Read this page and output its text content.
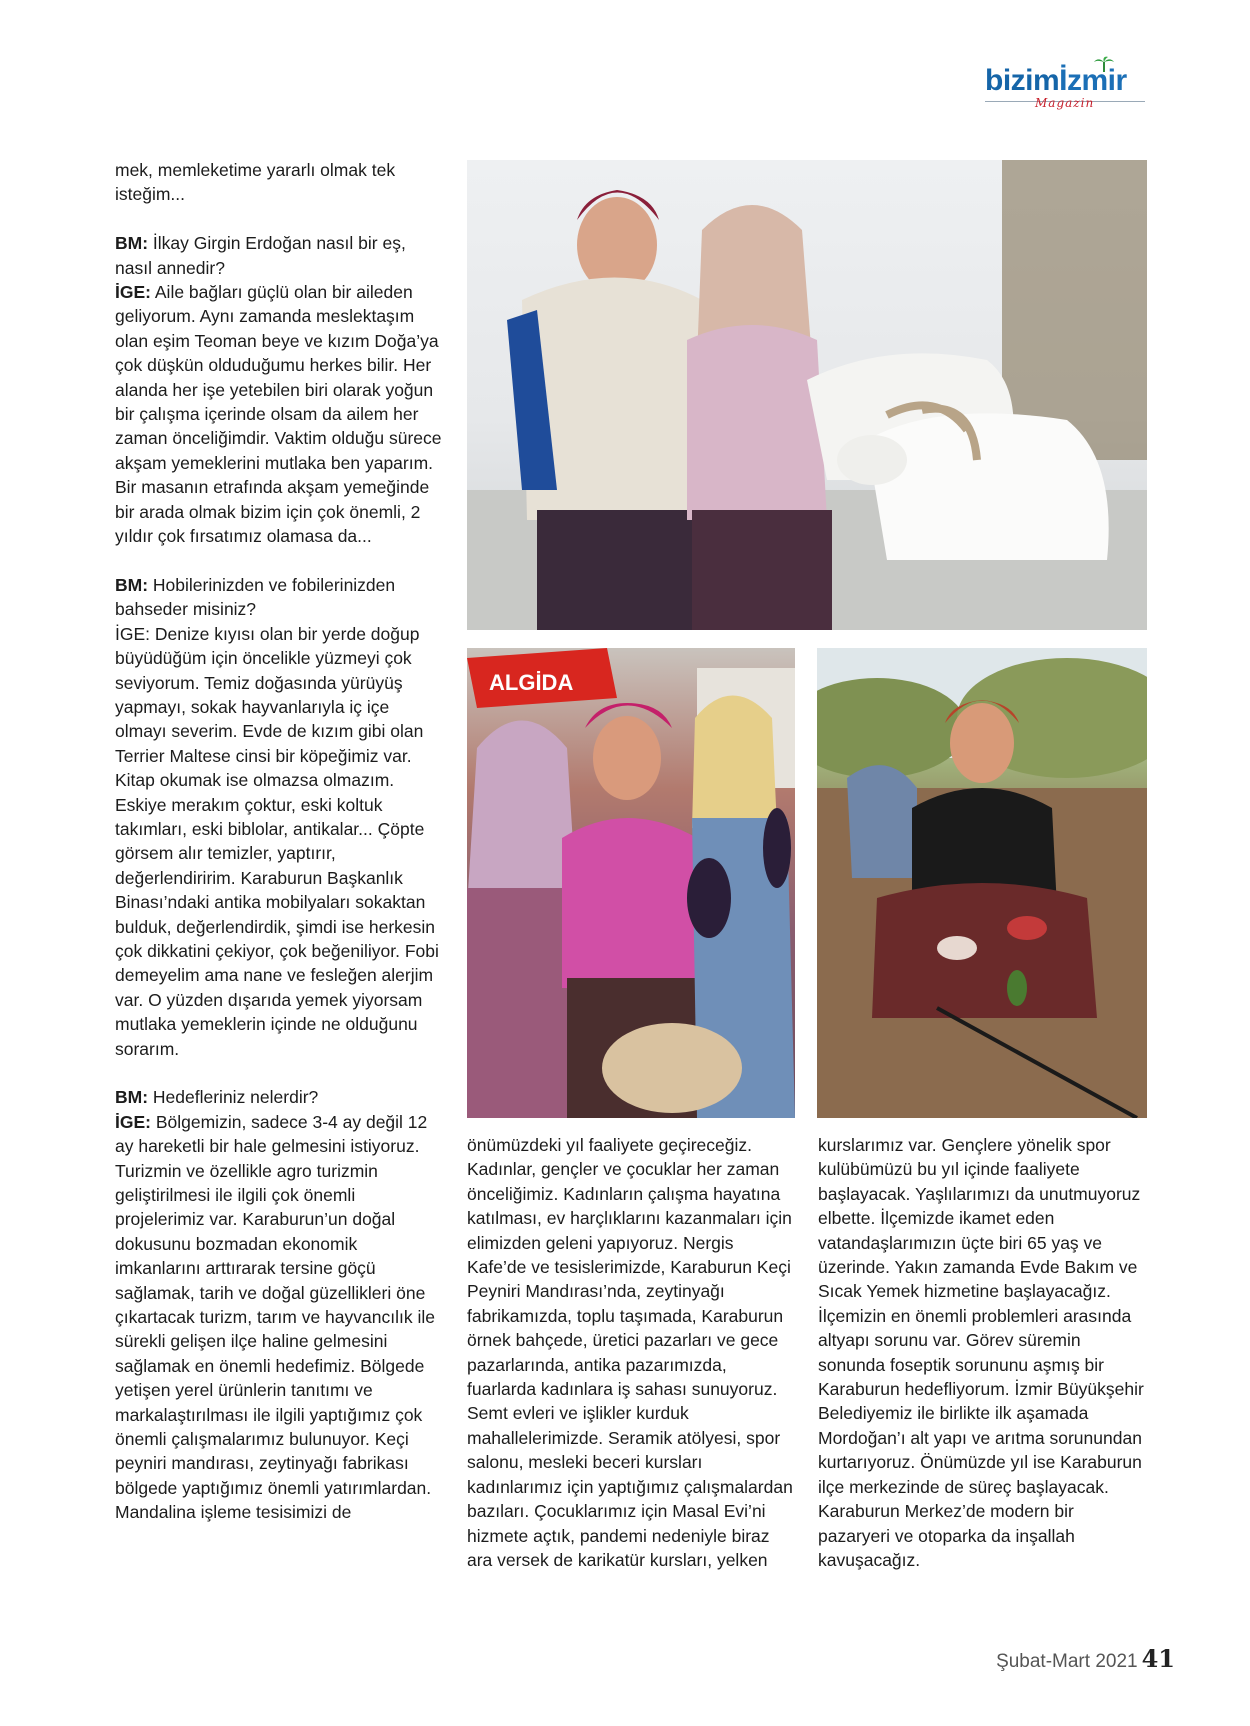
bizimİzmir
Magazin

mek, memleketime yararlı olmak tek isteğim...

BM: İlkay Girgin Erdoğan nasıl bir eş, nasıl annedir?

İGE: Aile bağları güçlü olan bir aileden geliyorum. Aynı zamanda meslektaşım olan eşim Teoman beye ve kızım Doğa’ya çok düşkün olduduğumu herkes bilir. Her alanda her işe yetebilen biri olarak yoğun bir çalışma içerinde olsam da ailem her zaman önceliğimdir. Vaktim olduğu sürece akşam yemeklerini mutlaka ben yaparım. Bir masanın etrafında akşam yemeğinde bir arada olmak bizim için çok önemli, 2 yıldır çok fırsatımız olamasa da...

BM: Hobilerinizden ve fobilerinizden bahseder misiniz?

İGE: Denize kıyısı olan bir yerde doğup büyüdüğüm için öncelikle yüzmeyi çok seviyorum. Temiz doğasında yürüyüş yapmayı, sokak hayvanlarıyla iç içe olmayı severim. Evde de kızım gibi olan Terrier Maltese cinsi bir köpeğimiz var. Kitap okumak ise olmazsa olmazım. Eskiye merakım çoktur, eski koltuk takımları, eski biblolar, antikalar... Çöpte görsem alır temizler, yaptırır, değerlendiririm. Karaburun Başkanlık Binası’ndaki antika mobilyaları sokaktan bulduk, değerlendirdik, şimdi ise herkesin çok dikkatini çekiyor, çok beğeniliyor. Fobi demeyelim ama nane ve fesleğen alerjim var. O yüzden dışarıda yemek yiyorsam mutlaka yemeklerin içinde ne olduğunu sorarım.

BM: Hedefleriniz nelerdir?

İGE: Bölgemizin, sadece 3-4 ay değil 12 ay hareketli bir hale gelmesini istiyoruz. Turizmin ve özellikle agro turizmin geliştirilmesi ile ilgili çok önemli projelerimiz var. Karaburun’un doğal dokusunu bozmadan ekonomik imkanlarını arttırarak tersine göçü sağlamak, tarih ve doğal güzellikleri öne çıkartacak turizm, tarım ve hayvancılık ile sürekli gelişen ilçe haline gelmesini sağlamak en önemli hedefimiz. Bölgede yetişen yerel ürünlerin tanıtımı ve markalaştırılması ile ilgili yaptığımız çok önemli çalışmalarımız bulunuyor. Keçi peyniri mandırası, zeytinyağı fabrikası bölgede yaptığımız önemli yatırımlardan. Mandalina işleme tesisimizi de

ALGİDA

önümüzdeki yıl faaliyete geçireceğiz. Kadınlar, gençler ve çocuklar her zaman önceliğimiz. Kadınların çalışma hayatına katılması, ev harçlıklarını kazanmaları için elimizden geleni yapıyoruz. Nergis Kafe’de ve tesislerimizde, Karaburun Keçi Peyniri Mandırası’nda, zeytinyağı fabrikamızda, toplu taşımada, Karaburun örnek bahçede, üretici pazarları ve gece pazarlarında, antika pazarımızda, fuarlarda kadınlara iş sahası sunuyoruz. Semt evleri ve işlikler kurduk mahallelerimizde. Seramik atölyesi, spor salonu, mesleki beceri kursları kadınlarımız için yaptığımız çalışmalardan bazıları. Çocuklarımız için Masal Evi’ni hizmete açtık, pandemi nedeniyle biraz ara versek de karikatür kursları, yelken

kurslarımız var. Gençlere yönelik spor kulübümüzü bu yıl içinde faaliyete başlayacak. Yaşlılarımızı da unutmuyoruz elbette. İlçemizde ikamet eden vatandaşlarımızın üçte biri 65 yaş ve üzerinde. Yakın zamanda Evde Bakım ve Sıcak Yemek hizmetine başlayacağız. İlçemizin en önemli problemleri arasında altyapı sorunu var. Görev süremin sonunda foseptik sorununu aşmış bir Karaburun hedefliyorum. İzmir Büyükşehir Belediyemiz ile birlikte ilk aşamada Mordoğan’ı alt yapı ve arıtma sorunundan kurtarıyoruz. Önümüzde yıl ise Karaburun ilçe merkezinde de süreç başlayacak. Karaburun Merkez’de modern bir pazaryeri ve otoparka da inşallah kavuşacağız.

Şubat-Mart 2021 41
